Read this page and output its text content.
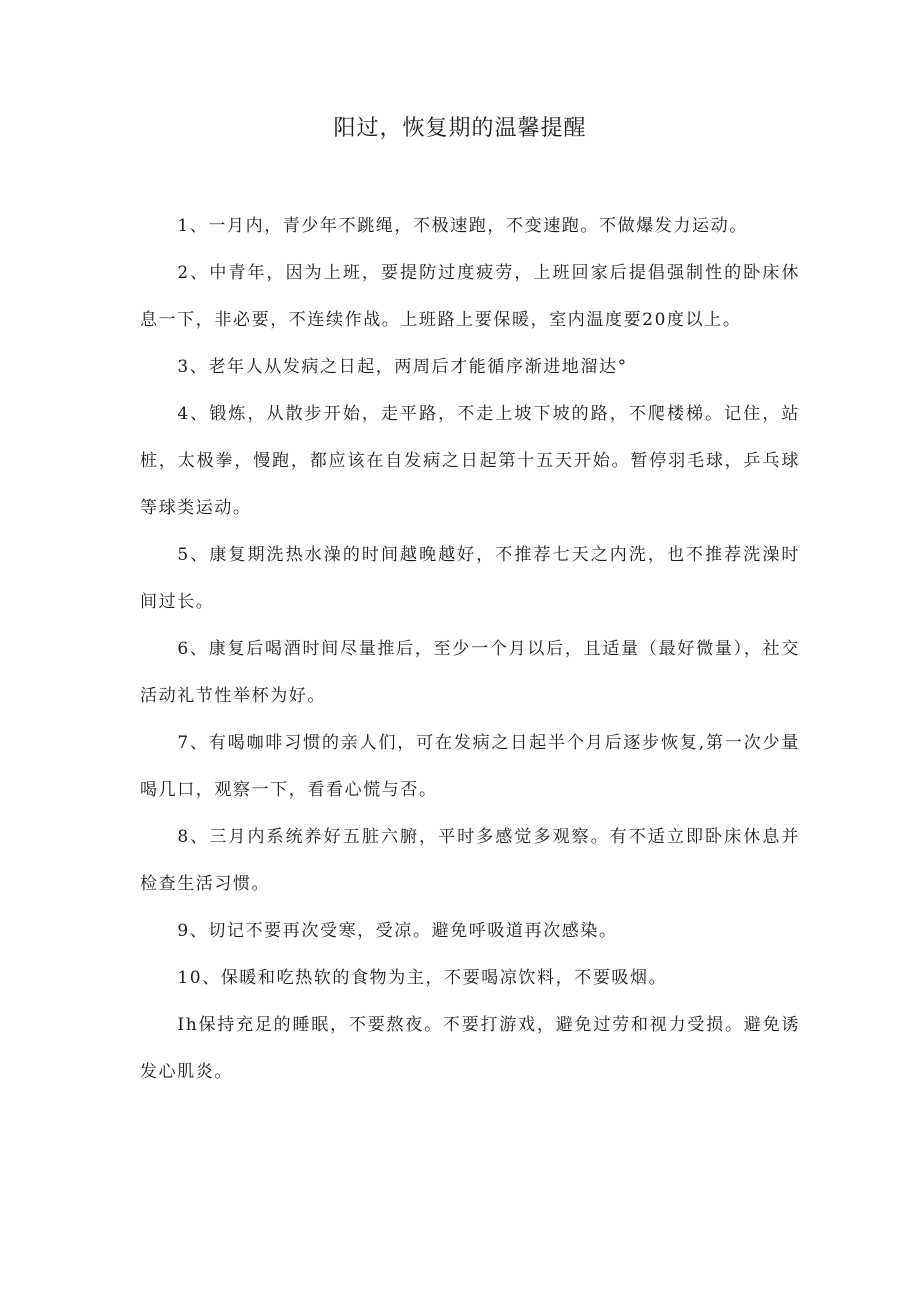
阳过，恢复期的温馨提醒

1、一月内，青少年不跳绳，不极速跑，不变速跑。不做爆发力运动。

2、中青年，因为上班，要提防过度疲劳，上班回家后提倡强制性的卧床休息一下，非必要，不连续作战。上班路上要保暖，室内温度要20度以上。

3、老年人从发病之日起，两周后才能循序渐进地溜达°

4、锻炼，从散步开始，走平路，不走上坡下坡的路，不爬楼梯。记住，站桩，太极拳，慢跑，都应该在自发病之日起第十五天开始。暂停羽毛球，乒乓球等球类运动。

5、康复期洗热水澡的时间越晚越好，不推荐七天之内洗，也不推荐洗澡时间过长。

6、康复后喝酒时间尽量推后，至少一个月以后，且适量（最好微量），社交活动礼节性举杯为好。

7、有喝咖啡习惯的亲人们，可在发病之日起半个月后逐步恢复,第一次少量喝几口，观察一下，看看心慌与否。

8、三月内系统养好五脏六腑，平时多感觉多观察。有不适立即卧床休息并检查生活习惯。

9、切记不要再次受寒，受凉。避免呼吸道再次感染。

10、保暖和吃热软的食物为主，不要喝凉饮料，不要吸烟。

Ih保持充足的睡眠，不要熬夜。不要打游戏，避免过劳和视力受损。避免诱发心肌炎。
